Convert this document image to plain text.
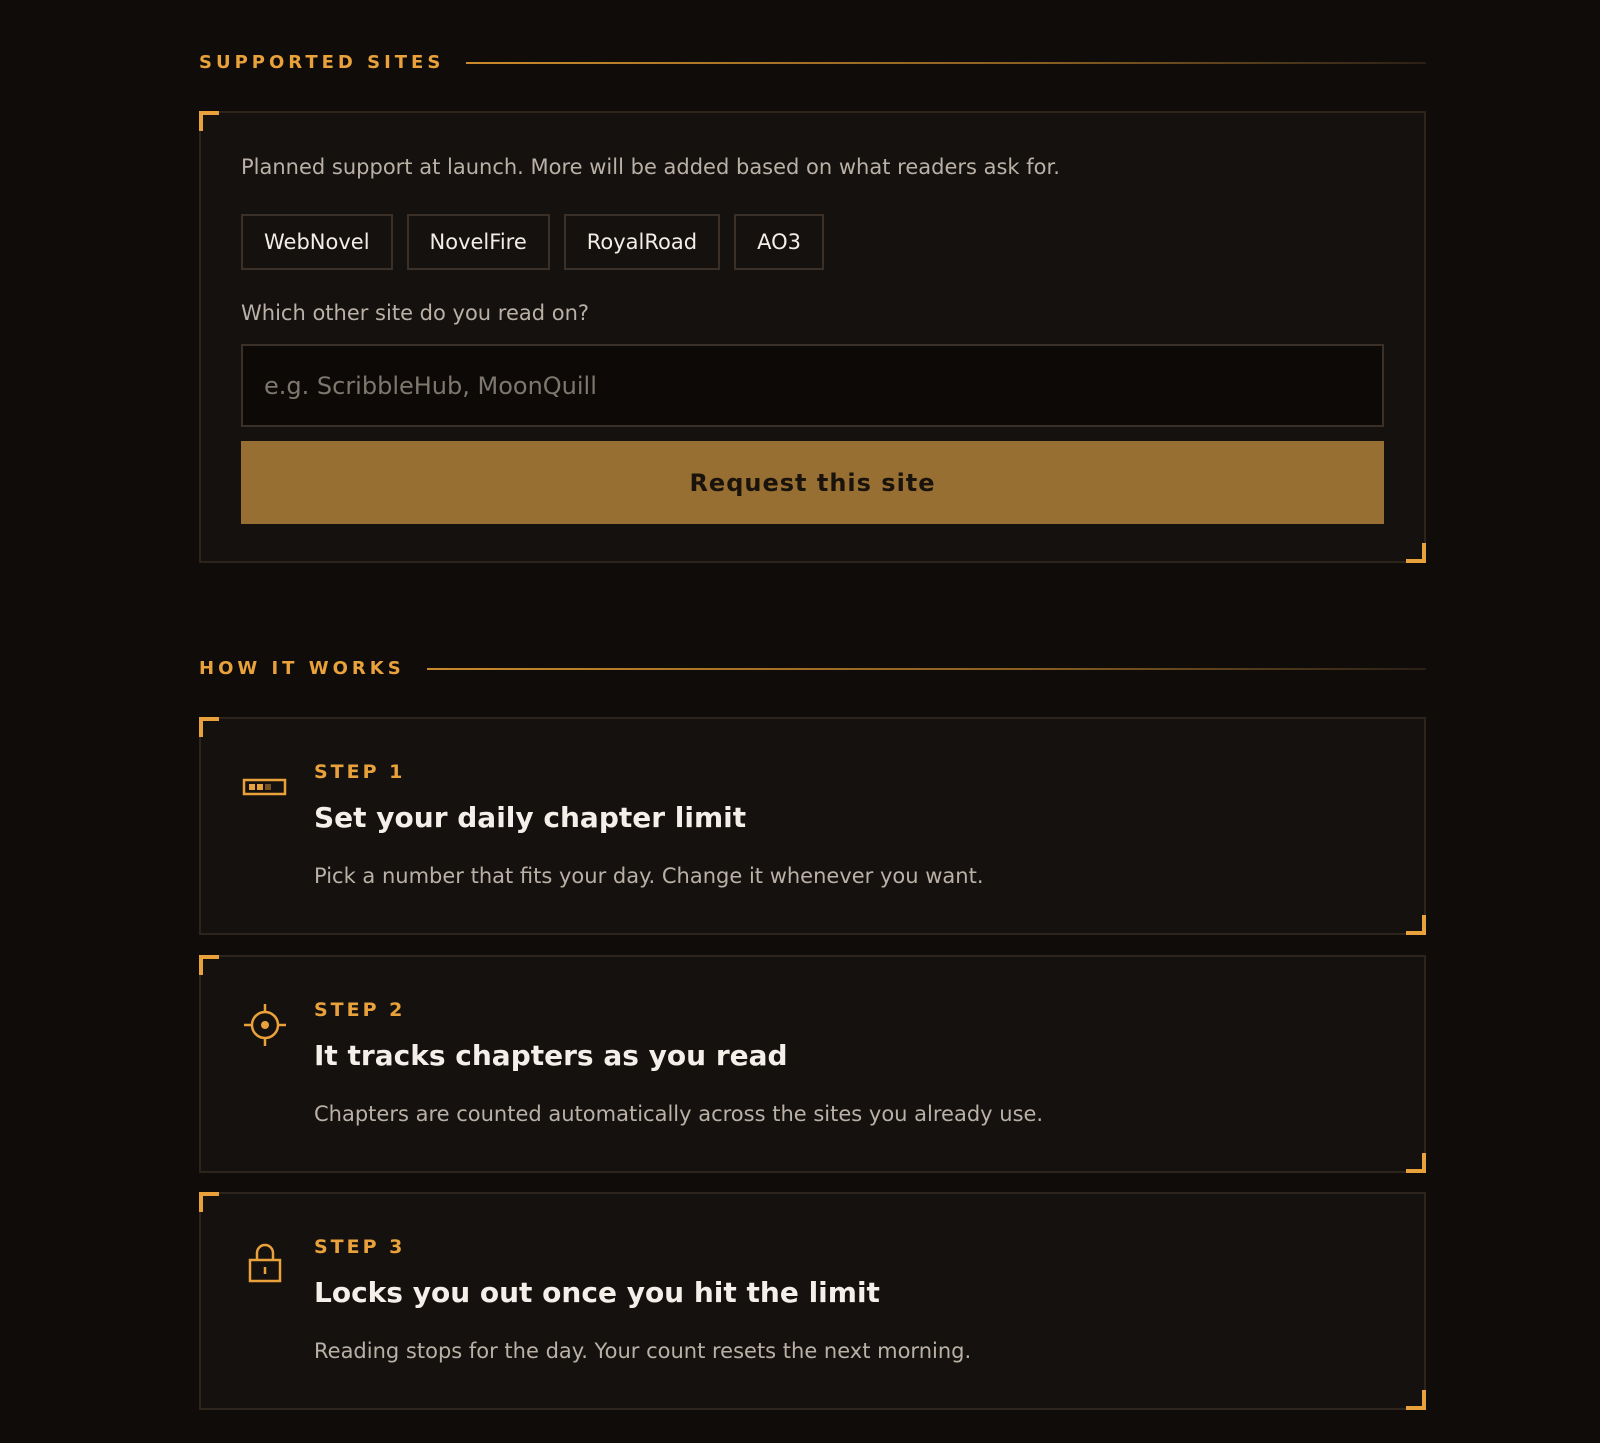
SUPPORTED SITES

Planned support at launch. More will be added based on what readers ask for.

WebNovel	NovelFire	RoyalRoad	AO3

Which other site do you read on?

e.g. ScribbleHub, MoonQuill
Request this site
HOW IT WORKS
STEP 1
Set your daily chapter limit

Pick a number that fits your day. Change it whenever you want.

STEP 2
It tracks chapters as you read

Chapters are counted automatically across the sites you already use.

STEP 3
Locks you out once you hit the limit

Reading stops for the day. Your count resets the next morning.
